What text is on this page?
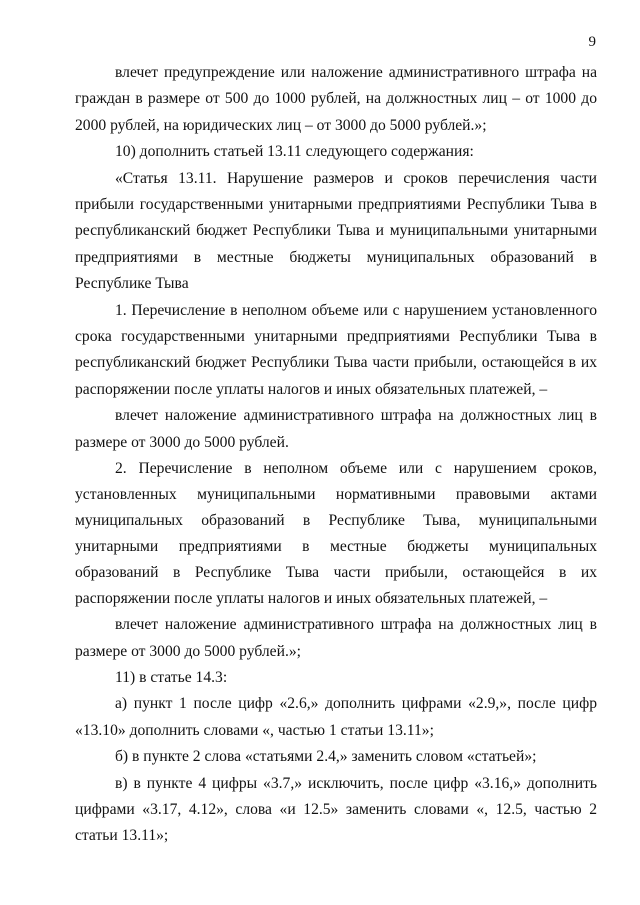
9

влечет предупреждение или наложение административного штрафа на граждан в размере от 500 до 1000 рублей, на должностных лиц – от 1000 до 2000 рублей, на юридических лиц – от 3000 до 5000 рублей.»;

10) дополнить статьей 13.11 следующего содержания:

«Статья 13.11. Нарушение размеров и сроков перечисления части прибыли государственными унитарными предприятиями Республики Тыва в республиканский бюджет Республики Тыва и муниципальными унитарными предприятиями в местные бюджеты муниципальных образований в Республике Тыва

1. Перечисление в неполном объеме или с нарушением установленного срока государственными унитарными предприятиями Республики Тыва в республиканский бюджет Республики Тыва части прибыли, остающейся в их распоряжении после уплаты налогов и иных обязательных платежей, –

влечет наложение административного штрафа на должностных лиц в размере от 3000 до 5000 рублей.

2. Перечисление в неполном объеме или с нарушением сроков, установленных муниципальными нормативными правовыми актами муниципальных образований в Республике Тыва, муниципальными унитарными предприятиями в местные бюджеты муниципальных образований в Республике Тыва части прибыли, остающейся в их распоряжении после уплаты налогов и иных обязательных платежей, –

влечет наложение административного штрафа на должностных лиц в размере от 3000 до 5000 рублей.»;

11) в статье 14.3:

а) пункт 1 после цифр «2.6,» дополнить цифрами «2.9,», после цифр «13.10» дополнить словами «, частью 1 статьи 13.11»;

б) в пункте 2 слова «статьями 2.4,» заменить словом «статьей»;

в) в пункте 4 цифры «3.7,» исключить, после цифр «3.16,» дополнить цифрами «3.17, 4.12», слова «и 12.5» заменить словами «, 12.5, частью 2 статьи 13.11»;
